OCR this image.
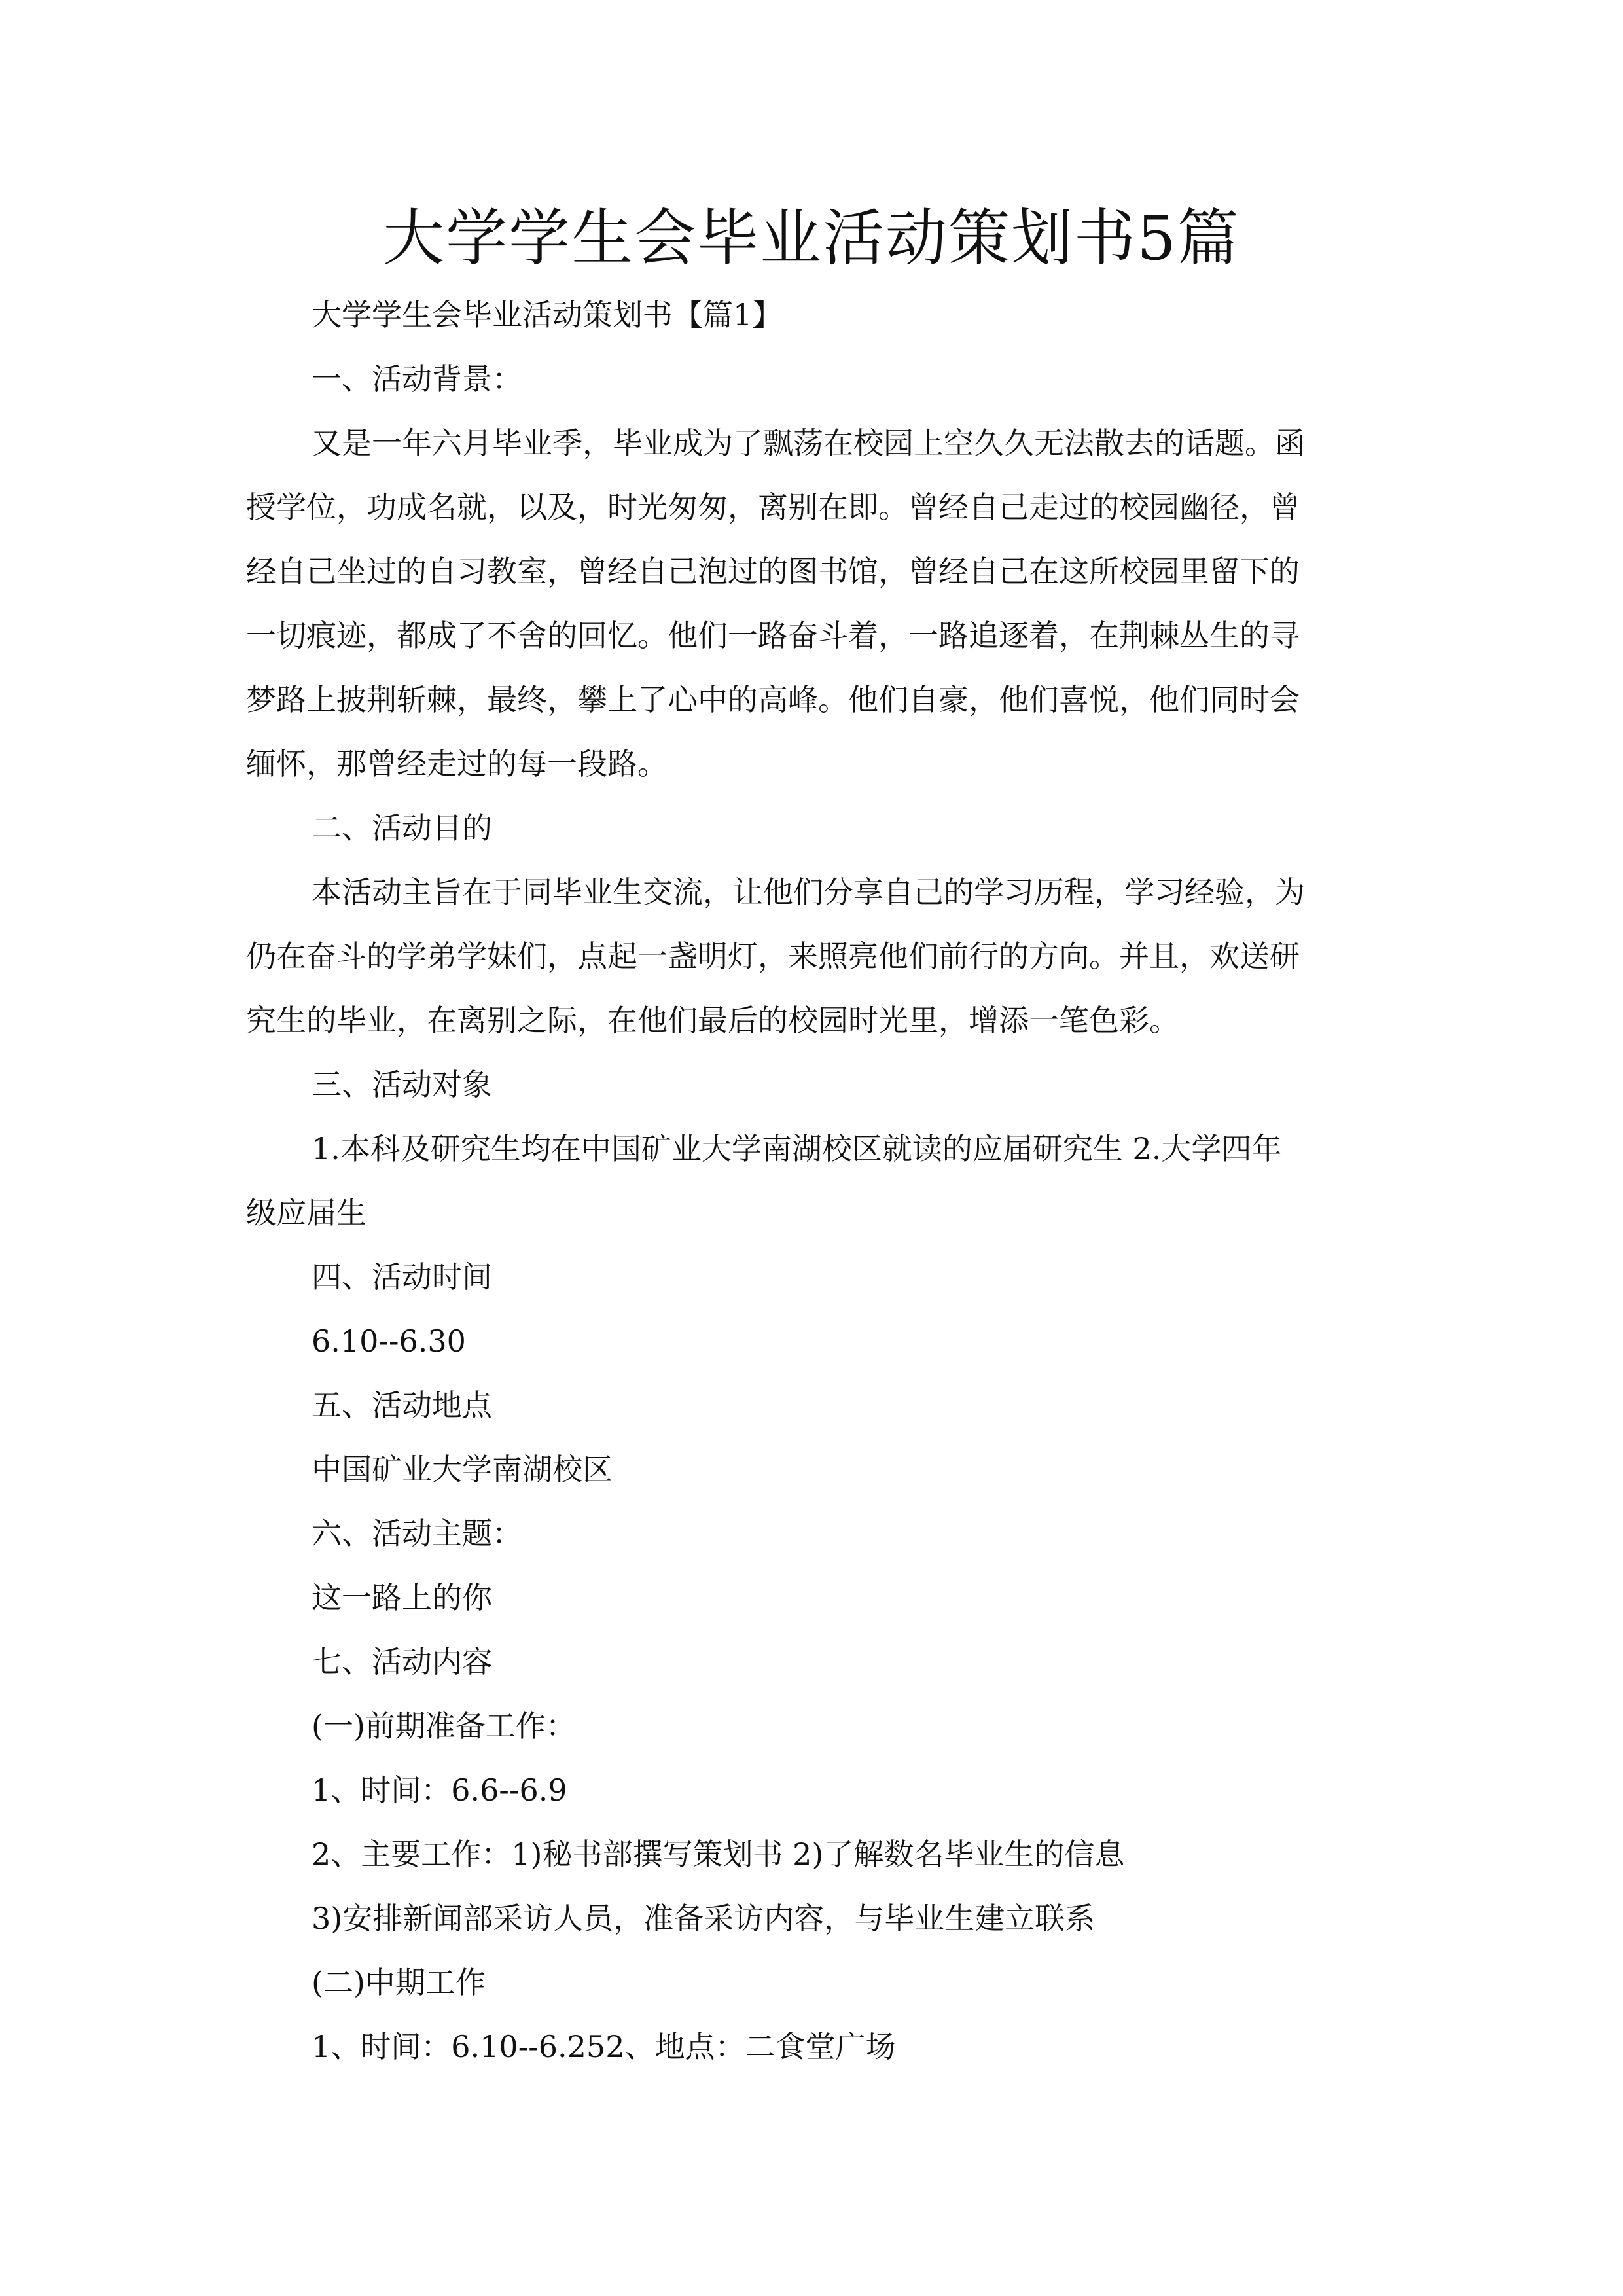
大学学生会毕业活动策划书5篇

大学学生会毕业活动策划书【篇1】

一、活动背景：

又是一年六月毕业季，毕业成为了飘荡在校园上空久久无法散去的话题。函

授学位，功成名就，以及，时光匆匆，离别在即。曾经自己走过的校园幽径，曾

经自己坐过的自习教室，曾经自己泡过的图书馆，曾经自己在这所校园里留下的

一切痕迹，都成了不舍的回忆。他们一路奋斗着，一路追逐着，在荆棘丛生的寻

梦路上披荆斩棘，最终，攀上了心中的高峰。他们自豪，他们喜悦，他们同时会

缅怀，那曾经走过的每一段路。

二、活动目的

本活动主旨在于同毕业生交流，让他们分享自己的学习历程，学习经验，为

仍在奋斗的学弟学妹们，点起一盏明灯，来照亮他们前行的方向。并且，欢送研

究生的毕业，在离别之际，在他们最后的校园时光里，增添一笔色彩。

三、活动对象

1.本科及研究生均在中国矿业大学南湖校区就读的应届研究生 2.大学四年

级应届生

四、活动时间

6.10--6.30

五、活动地点

中国矿业大学南湖校区

六、活动主题：

这一路上的你

七、活动内容

(一)前期准备工作：

1、时间：6.6--6.9

2、主要工作：1)秘书部撰写策划书 2)了解数名毕业生的信息

3)安排新闻部采访人员，准备采访内容，与毕业生建立联系

(二)中期工作

1、时间：6.10--6.252、地点：二食堂广场
